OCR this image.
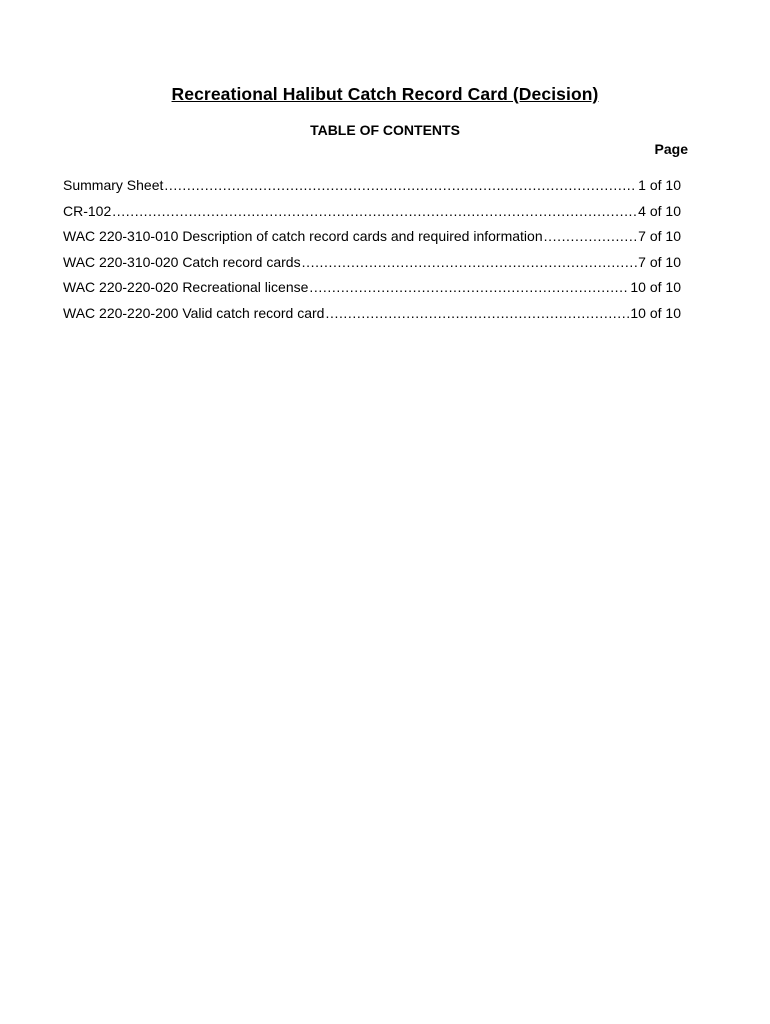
Recreational Halibut Catch Record Card (Decision)
TABLE OF CONTENTS
Page
Summary Sheet .....	1 of 10
CR-102 .....	4 of 10
WAC 220-310-010 Description of catch record cards and required information .....	7 of 10
WAC 220-310-020 Catch record cards .....	7 of 10
WAC 220-220-020 Recreational license .....	10 of 10
WAC 220-220-200 Valid catch record card .....	10 of 10
